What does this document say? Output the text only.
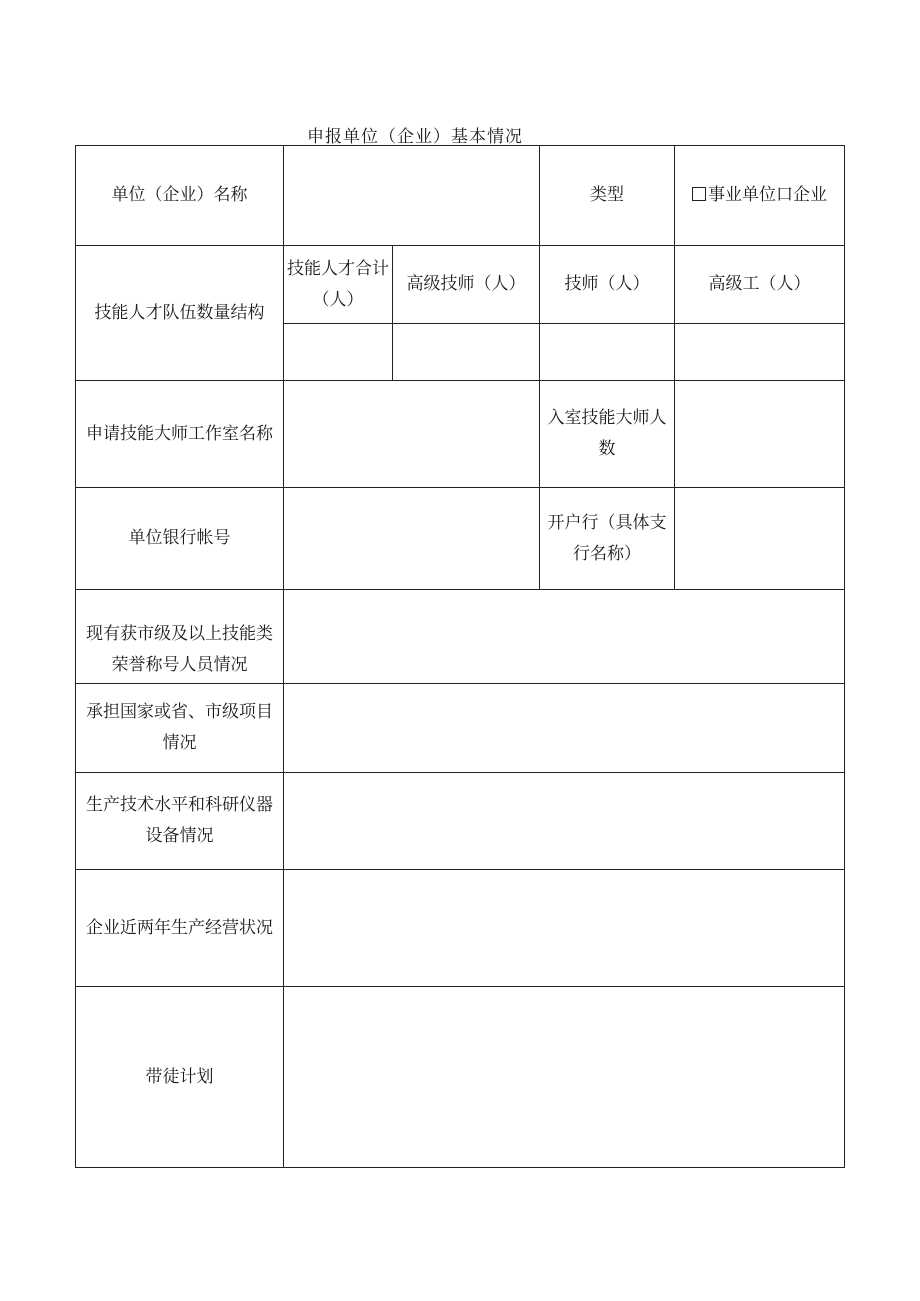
申报单位（企业）基本情况
单位（企业）名称			类型	事业单位口企业
技能人才队伍数量结构	技能人才合计（人）	高级技师（人）	技师（人）	高级工（人）

申请技能大师工作室名称			入室技能大师人数	
单位银行帐号			开户行（具体支行名称）	
现有获市级及以上技能类荣誉称号人员情况				
承担国家或省、市级项目情况				
生产技术水平和科研仪器设备情况				
企业近两年生产经营状况				
带徒计划				
